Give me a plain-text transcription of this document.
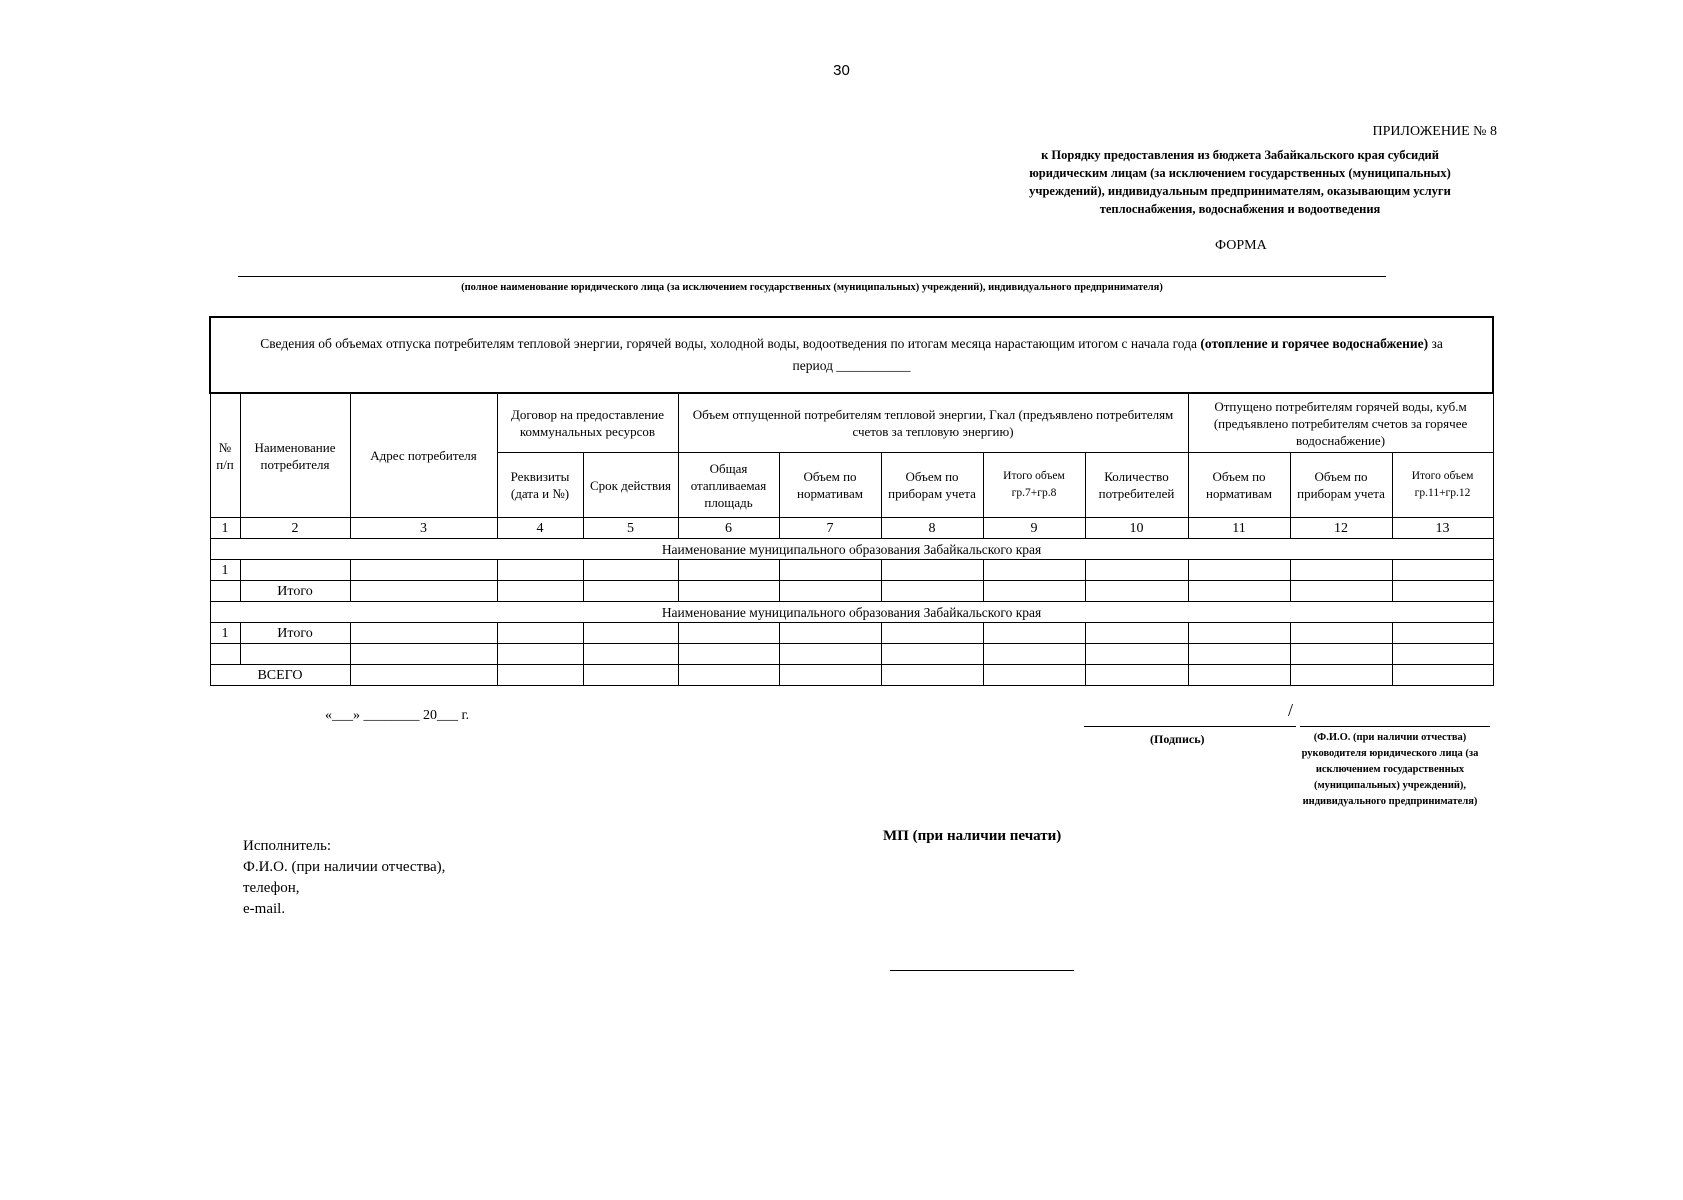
30
ПРИЛОЖЕНИЕ № 8
к Порядку предоставления из бюджета Забайкальского края субсидий юридическим лицам (за исключением государственных (муниципальных) учреждений), индивидуальным предпринимателям, оказывающим услуги теплоснабжения, водоснабжения и водоотведения
ФОРМА
(полное наименование юридического лица (за исключением государственных (муниципальных) учреждений), индивидуального предпринимателя)
Сведения об объемах отпуска потребителям тепловой энергии, горячей воды, холодной воды, водоотведения по итогам месяца нарастающим итогом с начала года (отопление и горячее водоснабжение) за
период ___________												
№ п/п	Наименование потребителя	Адрес потребителя	Договор на предоставление коммунальных ресурсов		Объем отпущенной потребителям тепловой энергии, Гкал (предъявлено потребителям счетов за тепловую энергию)					Отпущено потребителям горячей воды, куб.м (предъявлено потребителям счетов за горячее водоснабжение)		
			Реквизиты (дата и №)	Срок действия	Общая отапливаемая площадь	Объем по нормативам	Объем по приборам учета	Итого объем гр.7+гр.8	Количество потребителей	Объем по нормативам	Объем по приборам учета	Итого объем гр.11+гр.12
1	2	3	4	5	6	7	8	9	10	11	12	13
Наименование муниципального образования Забайкальского края												
1												
	Итого											
Наименование муниципального образования Забайкальского края												
1	Итого											

ВСЕГО												
«___» ________ 20___ г.	/
(Подпись)	(Ф.И.О. (при наличии отчества) руководителя юридического лица (за исключением государственных (муниципальных) учреждений), индивидуального предпринимателя)
МП (при наличии печати)
Исполнитель:
Ф.И.О. (при наличии отчества),
телефон,
e-mail.
